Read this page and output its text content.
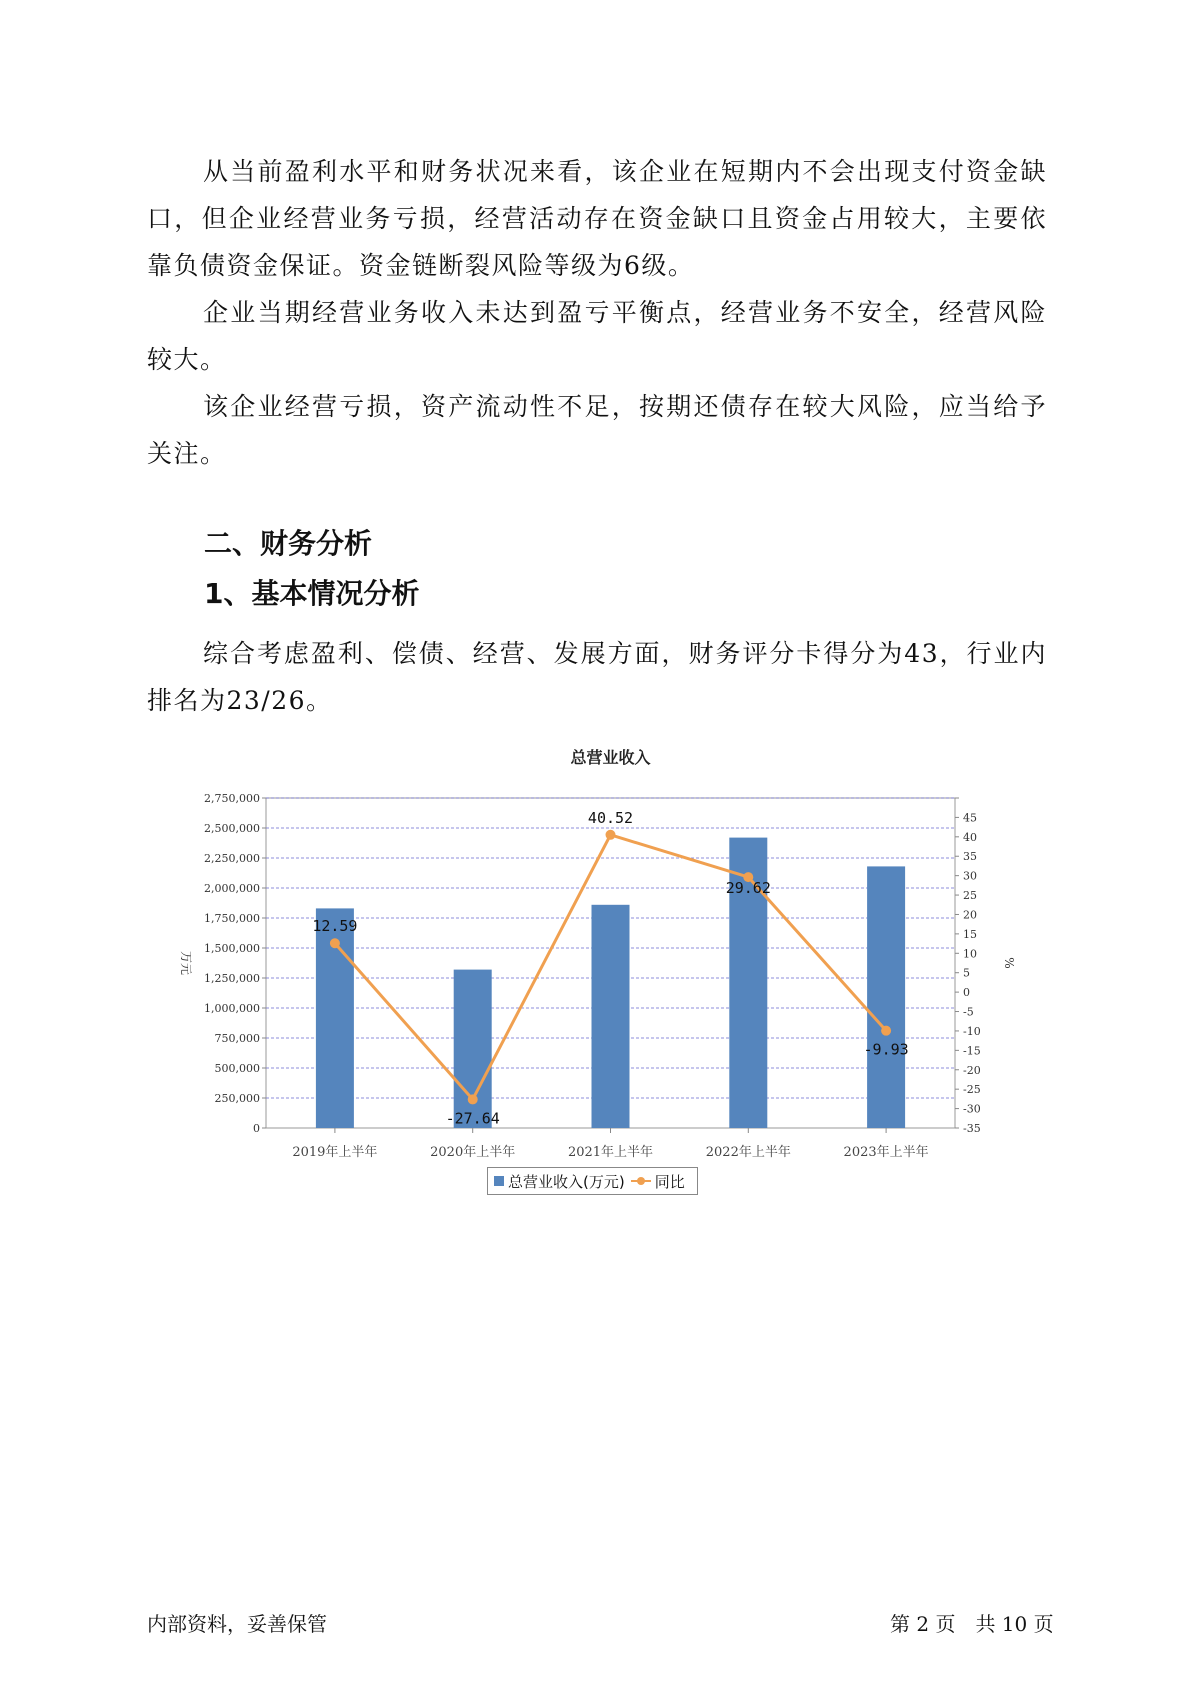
从当前盈利水平和财务状况来看，该企业在短期内不会出现支付资金缺口，但企业经营业务亏损，经营活动存在资金缺口且资金占用较大，主要依靠负债资金保证。资金链断裂风险等级为6级。

企业当期经营业务收入未达到盈亏平衡点，经营业务不安全，经营风险较大。

该企业经营亏损，资产流动性不足，按期还债存在较大风险，应当给予关注。

二、财务分析
1、基本情况分析

综合考虑盈利、偿债、经营、发展方面，财务评分卡得分为43，行业内排名为23/26。

总营业收入
0
250,000
500,000
750,000
1,000,000
1,250,000
1,500,000
1,750,000
2,000,000
2,250,000
2,500,000
2,750,000
-35
-30
-25
-20
-15
-10
-5
0
5
10
15
20
25
30
35
40
45
万元	%
2019年上半年	2020年上半年	2021年上半年	2022年上半年	2023年上半年
12.59
-27.64
40.52
29.62
-9.93
总营业收入(万元) 同比
内部资料，妥善保管	第 2 页　共 10 页
